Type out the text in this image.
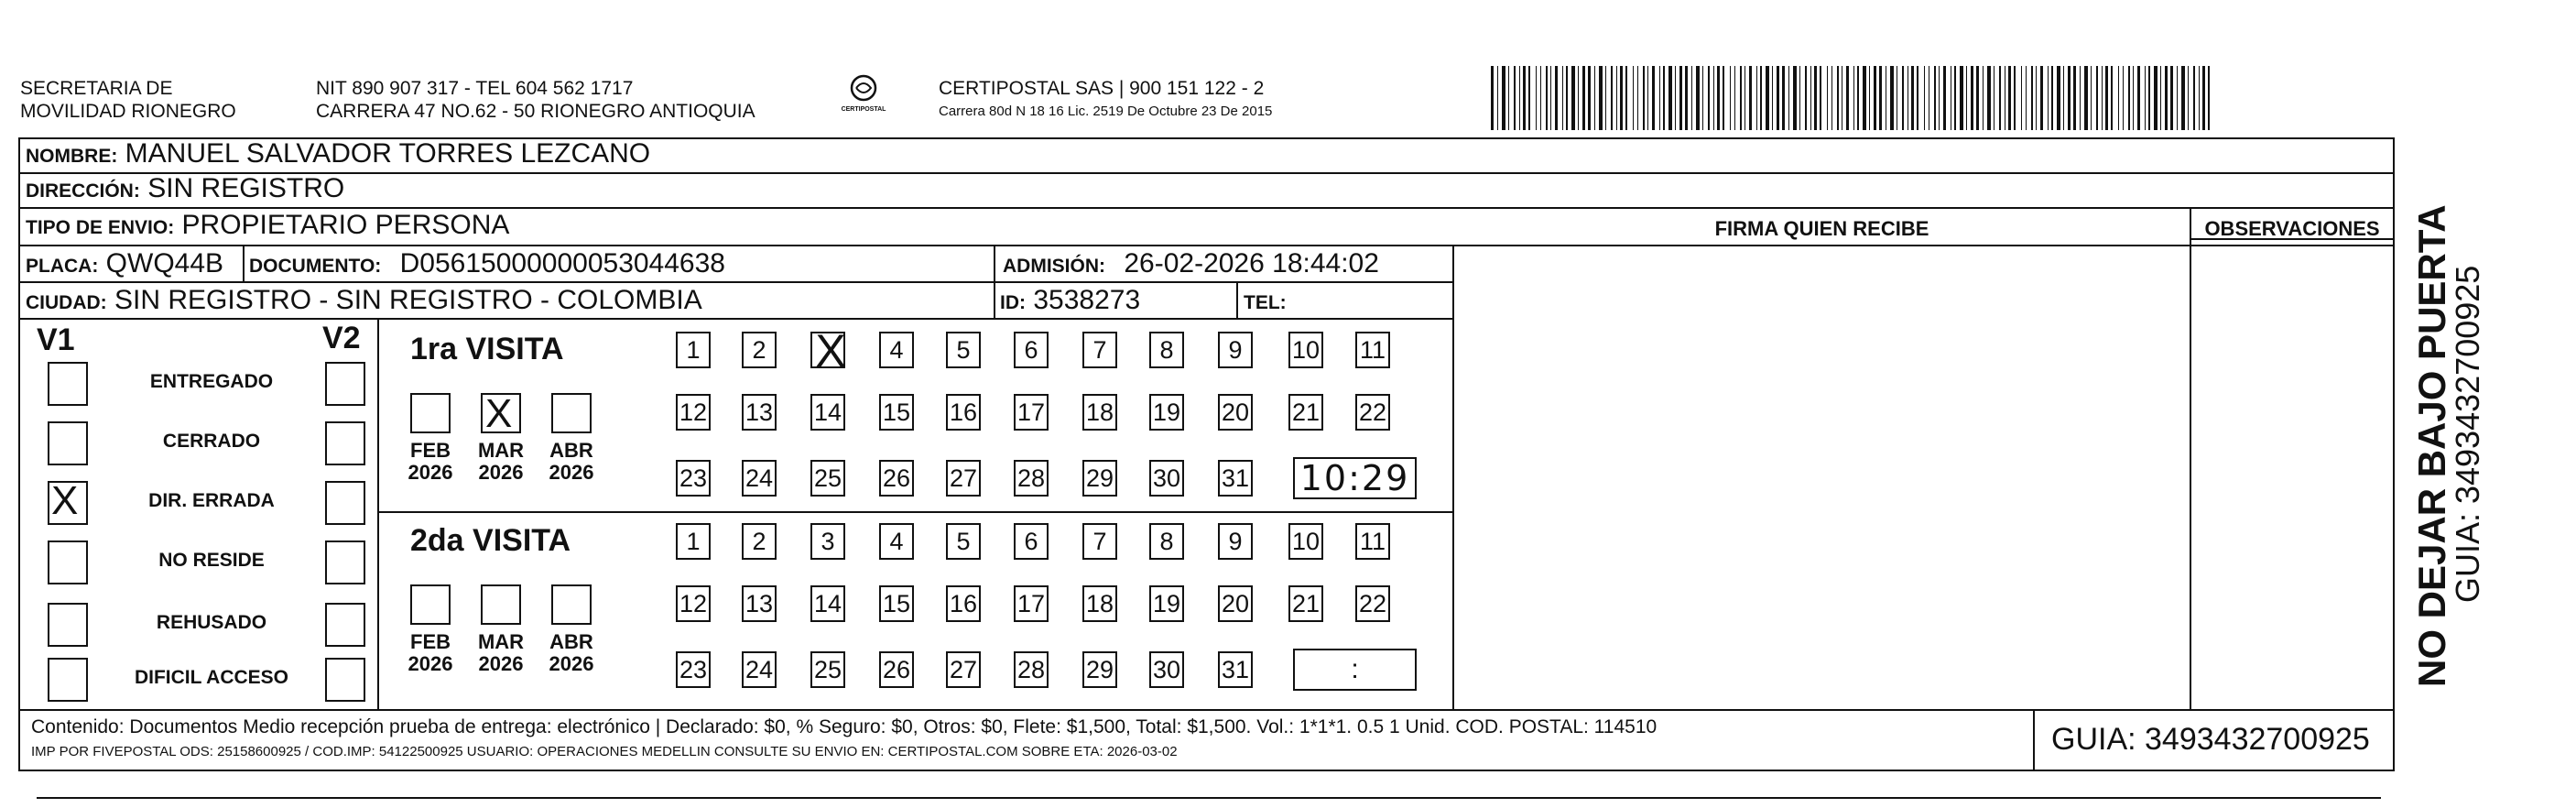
SECRETARIA DE
MOVILIDAD RIONEGRO
NIT 890 907 317 - TEL 604 562 1717
CARRERA 47 NO.62 - 50 RIONEGRO ANTIOQUIA	CERTIPOSTAL
CERTIPOSTAL SAS | 900 151 122 - 2
Carrera 80d N 18 16 Lic. 2519 De Octubre 23 De 2015
NOMBRE: MANUEL SALVADOR TORRES LEZCANO
DIRECCIÓN: SIN REGISTRO
TIPO DE ENVIO: PROPIETARIO PERSONA
PLACA: QWQ44B DOCUMENTO: D05615000000053044638	ADMISIÓN: 26-02-2026 18:44:02
CIUDAD: SIN REGISTRO - SIN REGISTRO - COLOMBIA	ID: 3538273	TEL:
FIRMA QUIEN RECIBE	OBSERVACIONES
V1	V2 1ra VISITA
2da VISITA
Contenido: Documentos Medio recepción prueba de entrega: electrónico | Declarado: $0, % Seguro: $0, Otros: $0, Flete: $1,500, Total: $1,500. Vol.: 1*1*1. 0.5 1 Unid. COD. POSTAL: 114510
IMP POR FIVEPOSTAL ODS: 25158600925 / COD.IMP: 54122500925 USUARIO: OPERACIONES MEDELLIN CONSULTE SU ENVIO EN: CERTIPOSTAL.COM SOBRE ETA: 2026-03-02	GUIA: 3493432700925
NO DEJAR BAJO PUERTA
GUIA: 3493432700925
ENTREGADO
CERRADO
X	DIR. ERRADA
NO RESIDE
REHUSADO
DIFICIL ACCESO
FEB
2026
X
MAR
2026
ABR
2026
1	2 X	4	5	6	7	8	9	10 11
12 13 14 15 16 17 18 19 20 21 22
23 24 25 26 27 28 29 30 31 10:29
FEB
2026
MAR
2026
ABR
2026
1	2	3	4	5	6	7	8	9	10 11
12 13 14 15 16 17 18 19 20 21 22
23 24 25 26 27 28 29 30 31	:
